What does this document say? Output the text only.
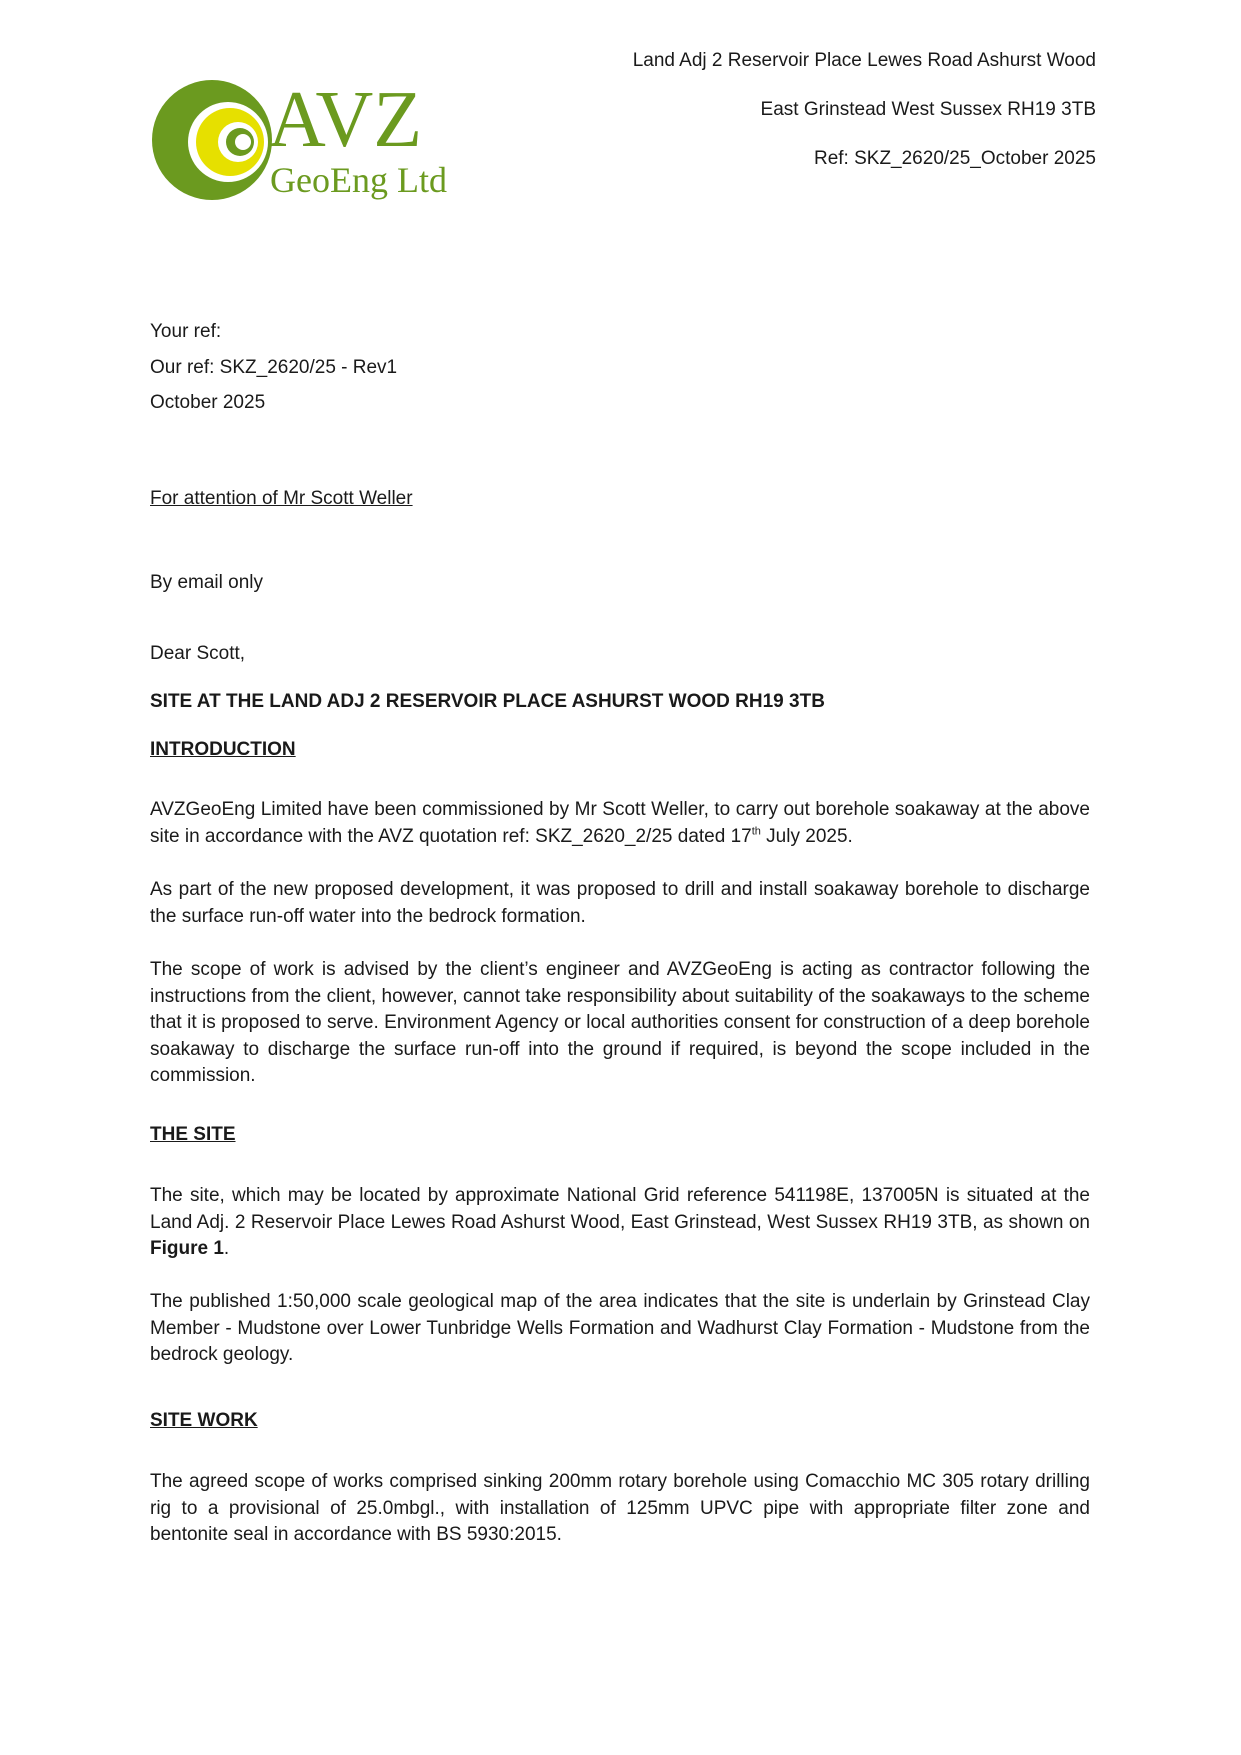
AVZ
GeoEng Ltd
Land Adj 2 Reservoir Place Lewes Road Ashurst Wood
East Grinstead West Sussex RH19 3TB
Ref: SKZ_2620/25_October 2025
Your ref:
Our ref: SKZ_2620/25 - Rev1
October 2025
For attention of Mr Scott Weller
By email only
Dear Scott,
SITE AT THE LAND ADJ 2 RESERVOIR PLACE ASHURST WOOD RH19 3TB
INTRODUCTION
AVZGeoEng Limited have been commissioned by Mr Scott Weller, to carry out borehole soakaway at the above site in accordance with the AVZ quotation ref: SKZ_2620_2/25 dated 17th July 2025.
As part of the new proposed development, it was proposed to drill and install soakaway borehole to discharge the surface run-off water into the bedrock formation.
The scope of work is advised by the client’s engineer and AVZGeoEng is acting as contractor following the instructions from the client, however, cannot take responsibility about suitability of the soakaways to the scheme that it is proposed to serve. Environment Agency or local authorities consent for construction of a deep borehole soakaway to discharge the surface run-off into the ground if required, is beyond the scope included in the commission.
THE SITE
The site, which may be located by approximate National Grid reference 541198E, 137005N is situated at the Land Adj. 2 Reservoir Place Lewes Road Ashurst Wood, East Grinstead, West Sussex RH19 3TB, as shown on Figure 1.
The published 1:50,000 scale geological map of the area indicates that the site is underlain by Grinstead Clay Member - Mudstone over Lower Tunbridge Wells Formation and Wadhurst Clay Formation - Mudstone from the bedrock geology.
SITE WORK
The agreed scope of works comprised sinking 200mm rotary borehole using Comacchio MC 305 rotary drilling rig to a provisional of 25.0mbgl., with installation of 125mm UPVC pipe with appropriate filter zone and bentonite seal in accordance with BS 5930:2015.
